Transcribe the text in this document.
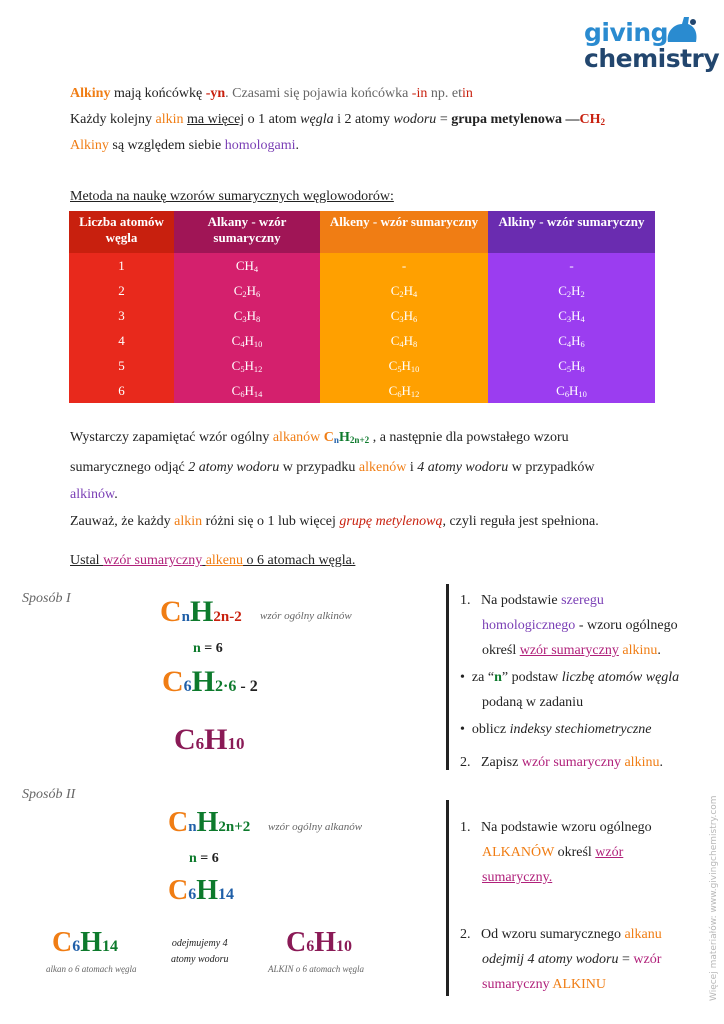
giving
chemistry
Alkiny mają końcówkę -yn. Czasami się pojawia końcówka -in np. etin
Każdy kolejny alkin ma więcej o 1 atom węgla i 2 atomy wodoru = grupa metylenowa $—CH_2$
Alkiny są względem siebie homologami.
Metoda na naukę wzorów sumarycznych węglowodorów:
Liczba atomów węgla	Alkany - wzór sumaryczny	Alkeny - wzór sumaryczny	Alkiny - wzór sumaryczny
1	$CH_4$	-	-
2	$C_2H_6$	$C_2H_4$	$C_2H_2$
3	$C_3H_8$	$C_3H_6$	$C_3H_4$
4	$C_4H_{10}$	$C_4H_8$	$C_4H_6$
5	$C_5H_{12}$	$C_5H_{10}$	$C_5H_8$
6	$C_6H_{14}$	$C_6H_{12}$	$C_6H_{10}$
Wystarczy zapamiętać wzór ogólny alkanów $C_nH_{2n+2}$ , a następnie dla powstałego wzoru
sumarycznego odjąć 2 atomy wodoru w przypadku alkenów i 4 atomy wodoru w przypadków
alkinów.
Zauważ, że każdy alkin różni się o 1 lub więcej grupę metylenową, czyli reguła jest spełniona.
Ustal wzór sumaryczny alkenu o 6 atomach węgla.
Sposób I	CnH2n-2 wzór ogólny alkinów
n = 6
C6H2·6 - 2
C6H10
1. Na podstawie szeregu
homologicznego - wzoru ogólnego
określ wzór sumaryczny alkinu.
• za “n” podstaw liczbę atomów węgla
podaną w zadaniu
• oblicz indeksy stechiometryczne
2. Zapisz wzór sumaryczny alkinu.
Sposób II
CnH2n+2 wzór ogólny alkanów
n = 6
C6H14
C6H14
alkan o 6 atomach węgla
odejmujemy 4
atomy wodoru
C6H10
ALKIN o 6 atomach węgla
1. Na podstawie wzoru ogólnego
ALKANÓW określ wzór
sumaryczny.
2. Od wzoru sumarycznego alkanu
odejmij 4 atomy wodoru = wzór
sumaryczny ALKINU	Więcej materiałów: www.givingchemistry.com
